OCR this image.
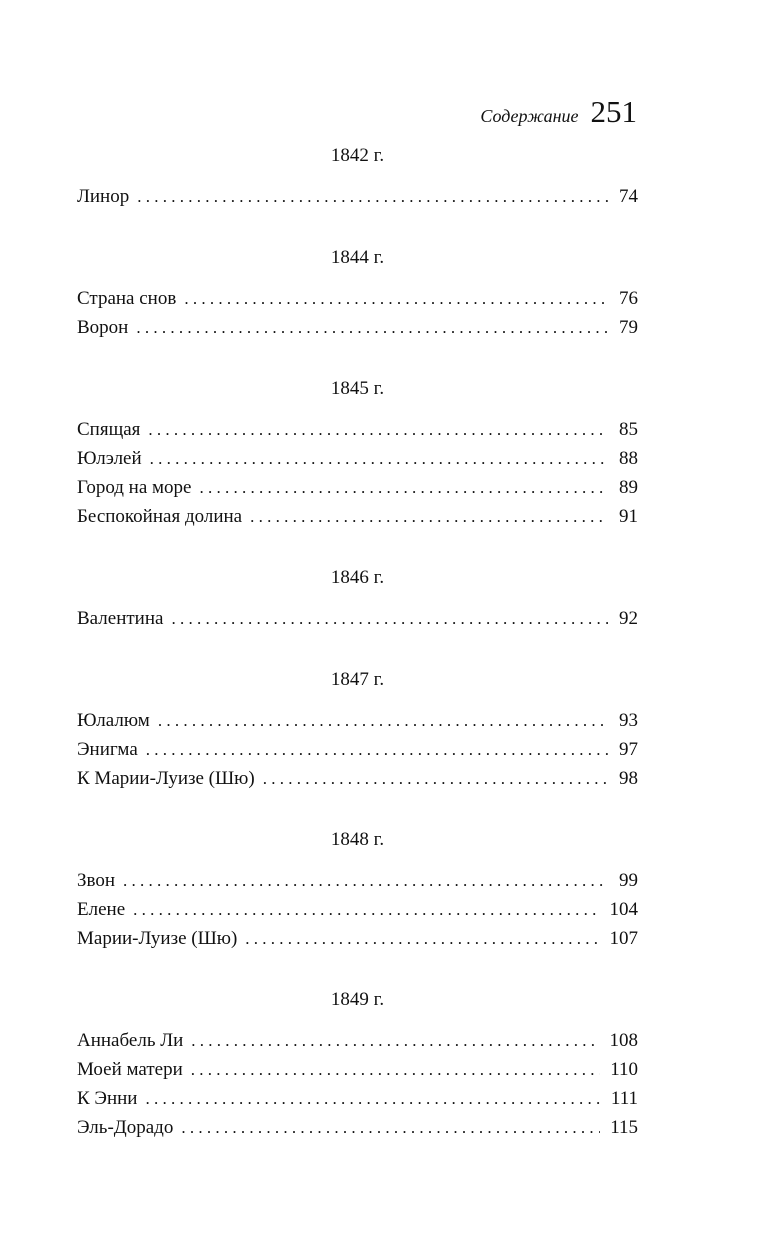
Содержание 251
1842 г.
Линор . . .	74
1844 г.
Страна снов . . .	76
Ворон . . .	79
1845 г.
Спящая . . .	85
Юлэлей . . .	88
Город на море . . .	89
Беспокойная долина . . .	91
1846 г.
Валентина . . .	92
1847 г.
Юлалюм . . .	93
Энигма . . .	97
К Марии-Луизе (Шю) . . .	98
1848 г.
Звон . . .	99
Елене . . .	104
Марии-Луизе (Шю) . . .	107
1849 г.
Аннабель Ли . . .	108
Моей матери . . .	110
К Энни . . .	111
Эль-Дорадо . . .	115
